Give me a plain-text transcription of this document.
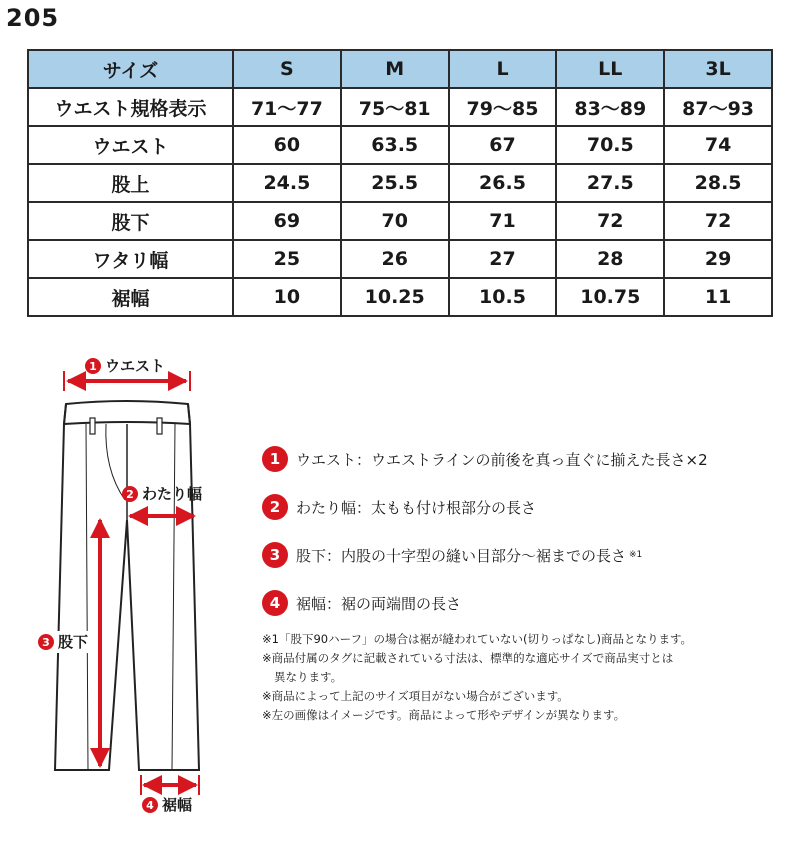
205
サイズ	S	M	L	LL	3L
ウエスト規格表示	71〜77	75〜81	79〜85	83〜89	87〜93
ウエスト	60	63.5	67	70.5	74
股上	24.5	25.5	26.5	27.5	28.5
股下	69	70	71	72	72
ワタリ幅	25	26	27	28	29
裾幅	10	10.25	10.5	10.75	11
1 ウエスト
2 わたり幅
3 股下
4 裾幅
1	ウエスト：ウエストラインの前後を真っ直ぐに揃えた長さ×2
2	わたり幅：太もも付け根部分の長さ
3	股下：内股の十字型の縫い目部分〜裾までの長さ ※1
4	裾幅：裾の両端間の長さ
※1「股下90ハーフ」の場合は裾が縫われていない(切りっぱなし)商品となります。
※商品付属のタグに記載されている寸法は、標準的な適応サイズで商品実寸とは
異なります。
※商品によって上記のサイズ項目がない場合がございます。
※左の画像はイメージです。商品によって形やデザインが異なります。
